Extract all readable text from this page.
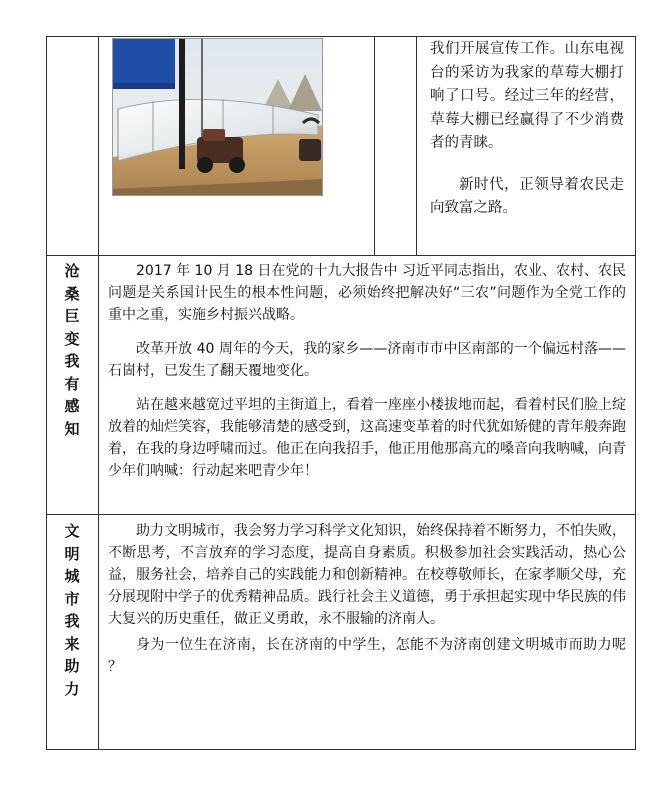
我们开展宣传工作。山东电视台的采访为我家的草莓大棚打响了口号。经过三年的经营，草莓大棚已经赢得了不少消费者的青睐。

新时代，正领导着农民走向致富之路。

沧
桑
巨
变
我
有
感
知

2017 年 10 月 18 日在党的十九大报告中 习近平同志指出，农业、农村、农民问题是关系国计民生的根本性问题，必须始终把解决好“三农”问题作为全党工作的重中之重，实施乡村振兴战略。

改革开放 40 周年的今天，我的家乡——济南市市中区南部的一个偏远村落——石崮村，已发生了翻天覆地变化。

站在越来越宽过平坦的主街道上，看着一座座小楼拔地而起，看着村民们脸上绽放着的灿烂笑容，我能够清楚的感受到，这高速变革着的时代犹如矫健的青年般奔跑着，在我的身边呼啸而过。他正在向我招手，他正用他那高亢的嗓音向我呐喊，向青少年们呐喊：行动起来吧青少年！

文
明
城
市
我
来
助
力

助力文明城市，我会努力学习科学文化知识，始终保持着不断努力，不怕失败，不断思考，不言放弃的学习态度，提高自身素质。积极参加社会实践活动，热心公益，服务社会，培养自己的实践能力和创新精神。在校尊敬师长，在家孝顺父母，充分展现附中学子的优秀精神品质。践行社会主义道德，勇于承担起实现中华民族的伟大复兴的历史重任，做正义勇敢，永不服输的济南人。

身为一位生在济南，长在济南的中学生，怎能不为济南创建文明城市而助力呢 ？
